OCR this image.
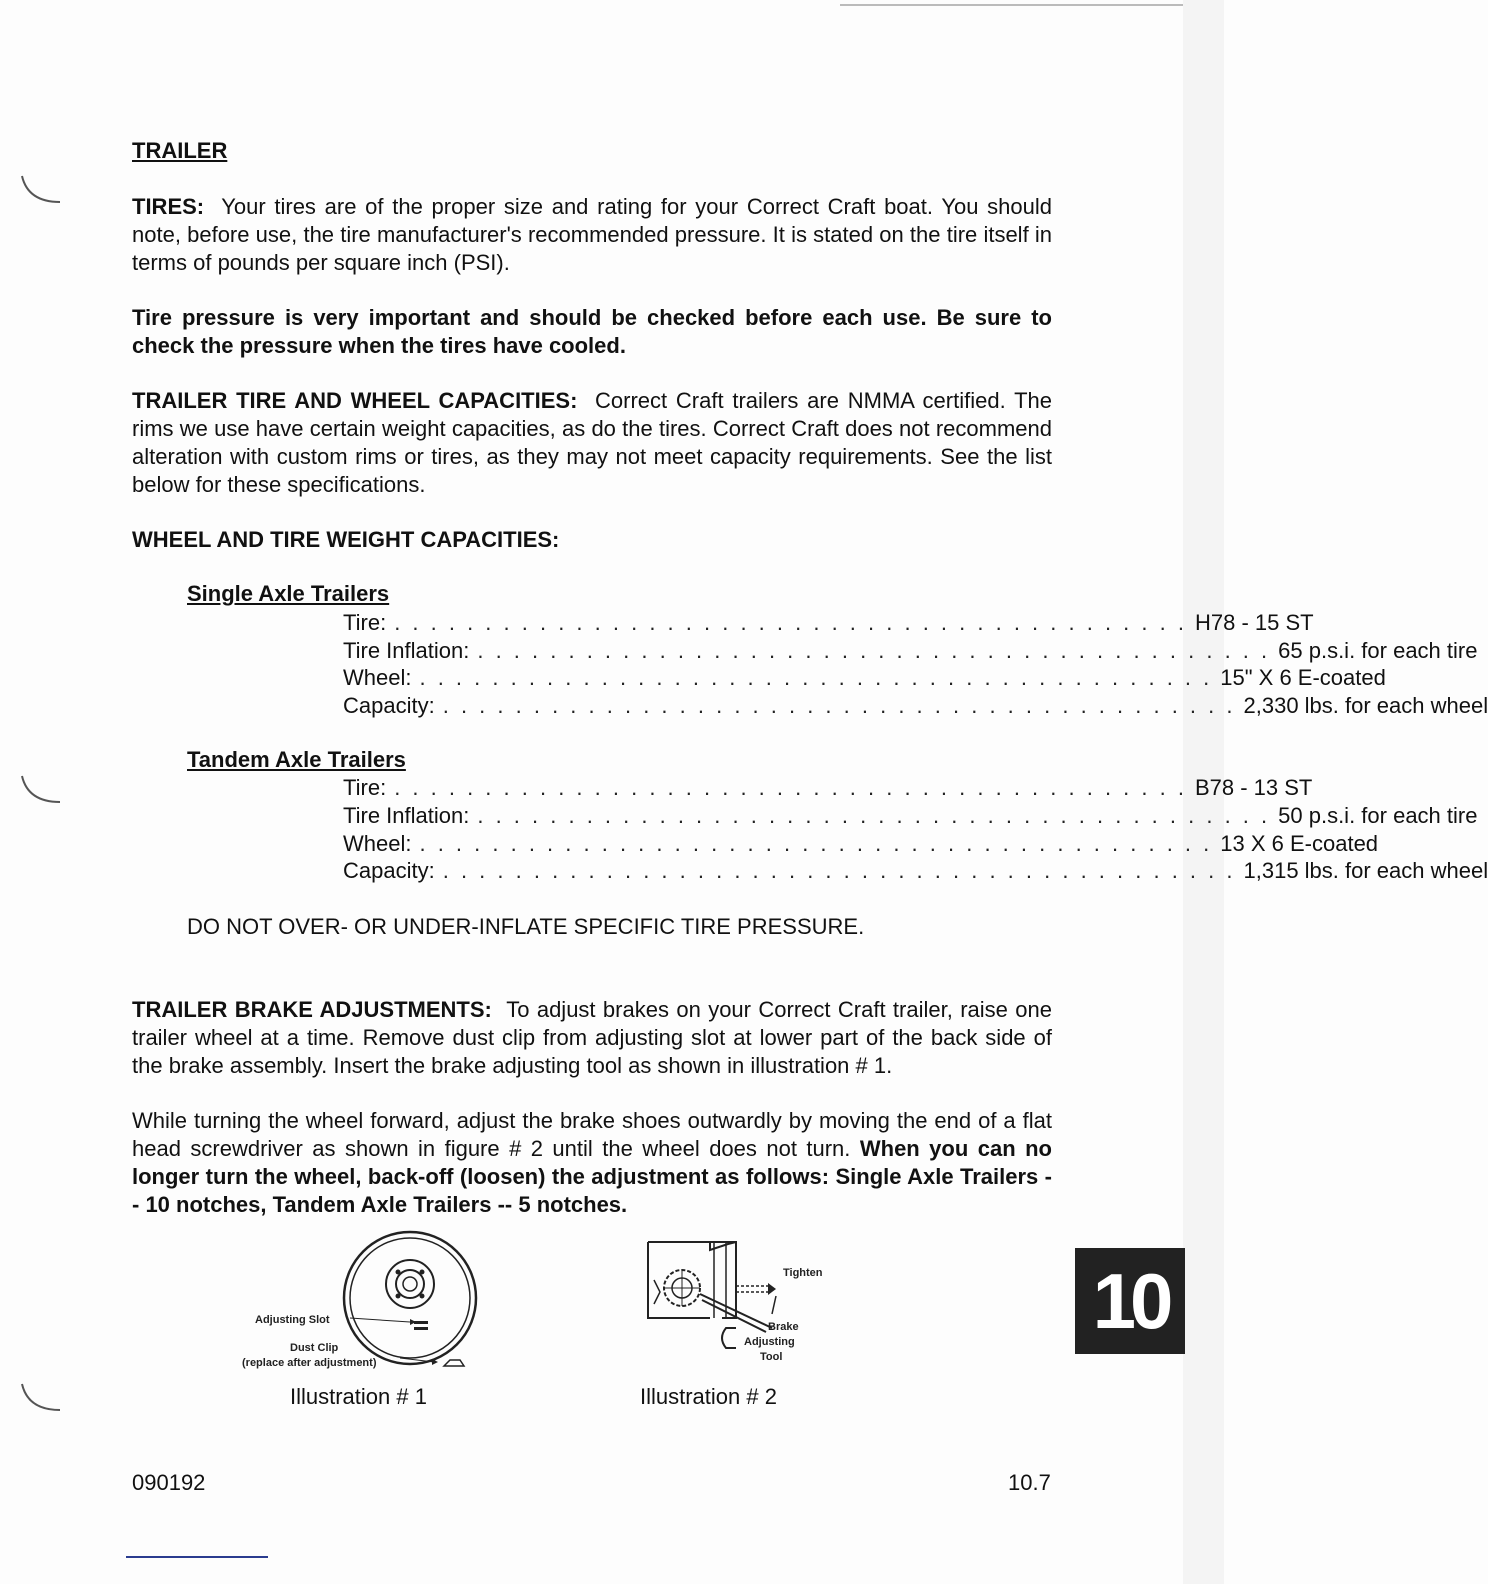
TRAILER
TIRES: Your tires are of the proper size and rating for your Correct Craft boat. You should note, before use, the tire manufacturer's recommended pressure. It is stated on the tire itself in terms of pounds per square inch (PSI).
Tire pressure is very important and should be checked before each use. Be sure to check the pressure when the tires have cooled.
TRAILER TIRE AND WHEEL CAPACITIES: Correct Craft trailers are NMMA certified. The rims we use have certain weight capacities, as do the tires. Correct Craft does not recommend alteration with custom rims or tires, as they may not meet capacity requirements. See the list below for these specifications.
WHEEL AND TIRE WEIGHT CAPACITIES:
Single Axle Trailers
Tire: . . . . . . . . . . . . . . . . . . . . . . . . . . . . . . . . . . . . . . . . . . . . H78 - 15 ST
Tire Inflation: . . . . . . . . . . . . . . . . . . . . . . . . . . . . . . . . . . . . . . . . . . . . 65 p.s.i. for each tire
Wheel: . . . . . . . . . . . . . . . . . . . . . . . . . . . . . . . . . . . . . . . . . . . . 15" X 6 E-coated
Capacity: . . . . . . . . . . . . . . . . . . . . . . . . . . . . . . . . . . . . . . . . . . . . 2,330 lbs. for each wheel
Tandem Axle Trailers
Tire: . . . . . . . . . . . . . . . . . . . . . . . . . . . . . . . . . . . . . . . . . . . . B78 - 13 ST
Tire Inflation: . . . . . . . . . . . . . . . . . . . . . . . . . . . . . . . . . . . . . . . . . . . . 50 p.s.i. for each tire
Wheel: . . . . . . . . . . . . . . . . . . . . . . . . . . . . . . . . . . . . . . . . . . . . 13 X 6 E-coated
Capacity: . . . . . . . . . . . . . . . . . . . . . . . . . . . . . . . . . . . . . . . . . . . . 1,315 lbs. for each wheel
DO NOT OVER- OR UNDER-INFLATE SPECIFIC TIRE PRESSURE.
TRAILER BRAKE ADJUSTMENTS: To adjust brakes on your Correct Craft trailer, raise one trailer wheel at a time. Remove dust clip from adjusting slot at lower part of the back side of the brake assembly. Insert the brake adjusting tool as shown in illustration # 1.
While turning the wheel forward, adjust the brake shoes outwardly by moving the end of a flat head screwdriver as shown in figure # 2 until the wheel does not turn. When you can no longer turn the wheel, back-off (loosen) the adjustment as follows: Single Axle Trailers -- 10 notches, Tandem Axle Trailers -- 5 notches.
Adjusting Slot
Dust Clip
(replace after adjustment)
Illustration # 1
Tighten
Brake
Adjusting
Tool
Illustration # 2
10
090192	10.7
